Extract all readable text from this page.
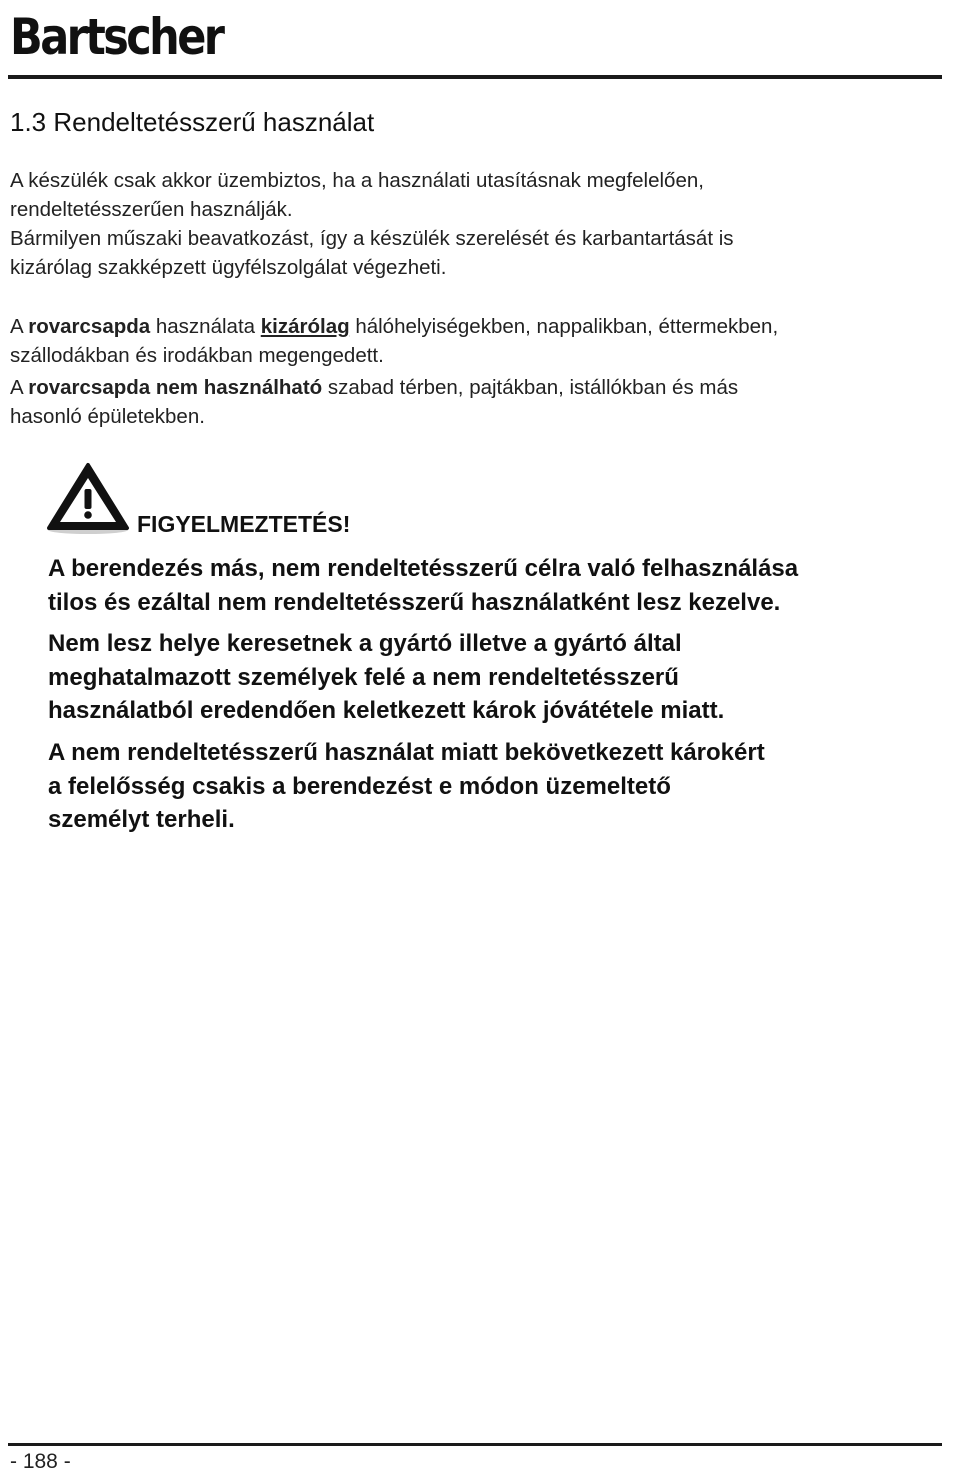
Bartscher
1.3 Rendeltetésszerű használat

A készülék csak akkor üzembiztos, ha a használati utasításnak megfelelően,
rendeltetésszerűen használják.
Bármilyen műszaki beavatkozást, így a készülék szerelését és karbantartását is
kizárólag szakképzett ügyfélszolgálat végezheti.

A rovarcsapda használata kizárólag hálóhelyiségekben, nappalikban, éttermekben,
szállodákban és irodákban megengedett.

A rovarcsapda nem használható szabad térben, pajtákban, istállókban és más
hasonló épületekben.

FIGYELMEZTETÉS!

A berendezés más, nem rendeltetésszerű célra való felhasználása
tilos és ezáltal nem rendeltetésszerű használatként lesz kezelve.

Nem lesz helye keresetnek a gyártó illetve a gyártó által
meghatalmazott személyek felé a nem rendeltetésszerű
használatból eredendően keletkezett károk jóvátétele miatt.

A nem rendeltetésszerű használat miatt bekövetkezett károkért
a felelősség csakis a berendezést e módon üzemeltető
személyt terheli.

- 188 -
